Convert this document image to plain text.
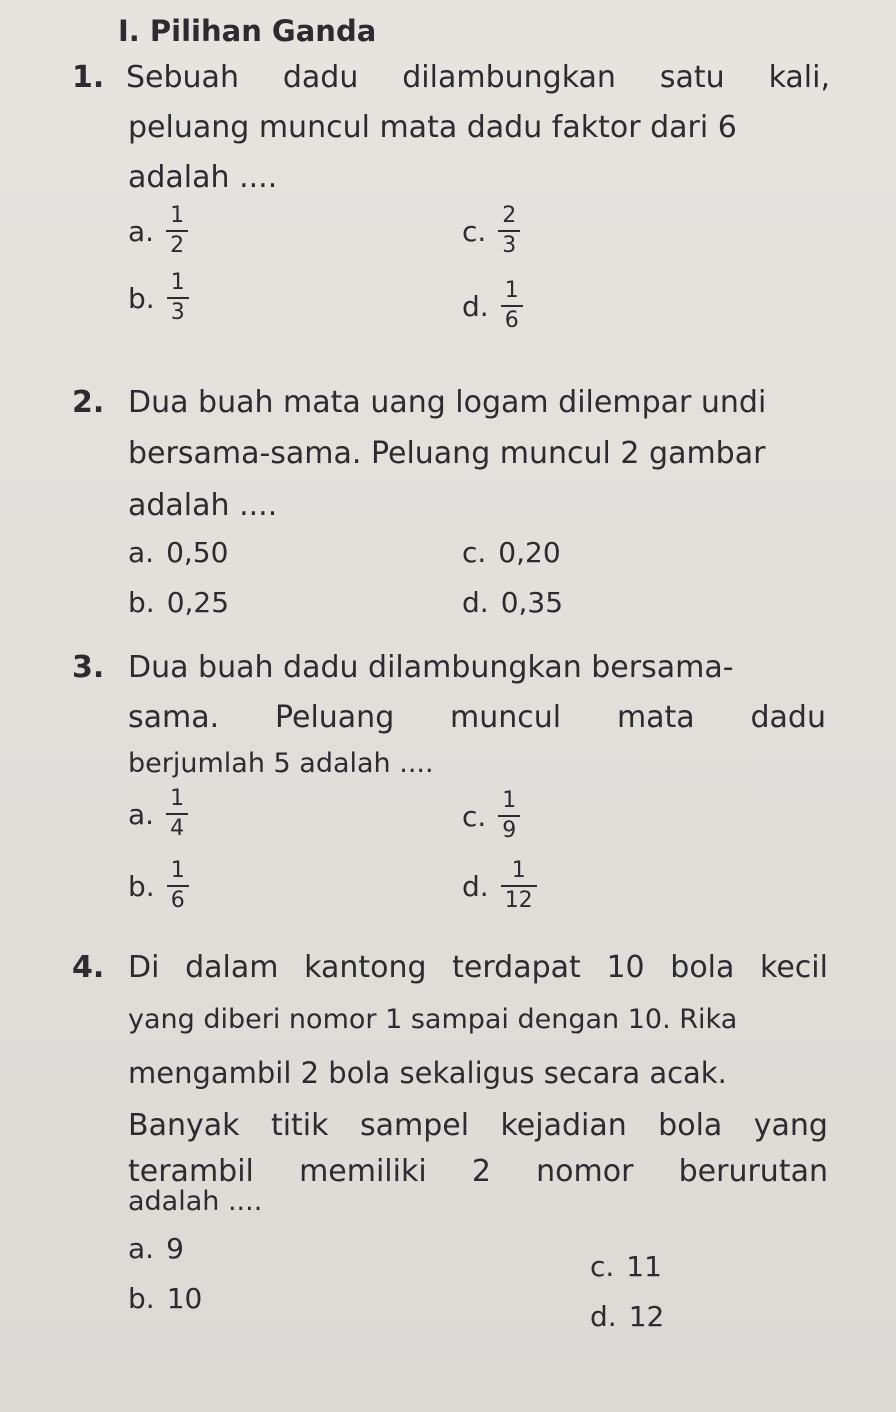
I. Pilihan Ganda
1. Sebuah dadu dilambungkan satu kali,
peluang muncul mata dadu faktor dari 6
adalah ....
a. $\frac{1}{2}$
b. $\frac{1}{3}$
c. $\frac{2}{3}$
d. $\frac{1}{6}$
2. Dua buah mata uang logam dilempar undi
bersama-sama. Peluang muncul 2 gambar
adalah ....
a. 0,50
b. 0,25
c. 0,20
d. 0,35
3. Dua buah dadu dilambungkan bersama-
sama. Peluang muncul mata dadu
berjumlah 5 adalah ....
a. $\frac{1}{4}$
b. $\frac{1}{6}$
c. $\frac{1}{9}$
d. $\frac{1}{12}$
4. Di dalam kantong terdapat 10 bola kecil
yang diberi nomor 1 sampai dengan 10. Rika
mengambil 2 bola sekaligus secara acak.
Banyak titik sampel kejadian bola yang
terambil memiliki 2 nomor berurutan
adalah ....
a. 9
b. 10
c. 11
d. 12
